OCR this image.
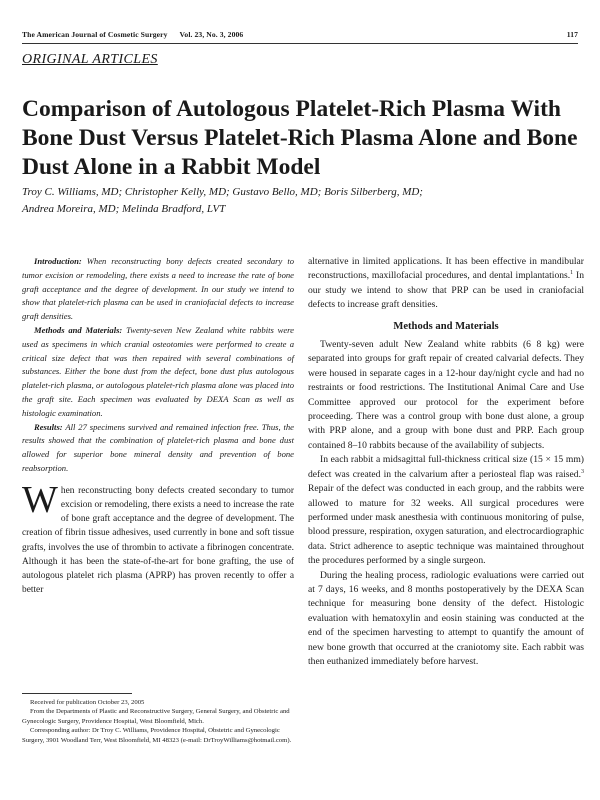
The American Journal of Cosmetic Surgery Vol. 23, No. 3, 2006	117
ORIGINAL ARTICLES
Comparison of Autologous Platelet-Rich Plasma With Bone Dust Versus Platelet-Rich Plasma Alone and Bone Dust Alone in a Rabbit Model
Troy C. Williams, MD; Christopher Kelly, MD; Gustavo Bello, MD; Boris Silberberg, MD;
Andrea Moreira, MD; Melinda Bradford, LVT

Introduction: When reconstructing bony defects created secondary to tumor excision or remodeling, there exists a need to increase the rate of bone graft acceptance and the degree of development. In our study we intend to show that platelet-rich plasma can be used in craniofacial defects to increase graft densities.

Methods and Materials: Twenty-seven New Zealand white rabbits were used as specimens in which cranial osteotomies were performed to create a critical size defect that was then repaired with several combinations of substances. Either the bone dust from the defect, bone dust plus autologous platelet-rich plasma, or autologous platelet-rich plasma alone was placed into the graft site. Each specimen was evaluated by DEXA Scan as well as histologic examination.

Results: All 27 specimens survived and remained infection free. Thus, the results showed that the combination of platelet-rich plasma and bone dust allowed for superior bone mineral density and prevention of bone reabsorption.

When reconstructing bony defects created secondary to tumor excision or remodeling, there exists a need to increase the rate of bone graft acceptance and the degree of development. The creation of fibrin tissue adhesives, used currently in bone and soft tissue grafts, involves the use of thrombin to activate a fibrinogen concentrate. Although it has been the state-of-the-art for bone grafting, the use of autologous platelet rich plasma (APRP) has proven recently to offer a better

Received for publication October 23, 2005

From the Departments of Plastic and Reconstructive Surgery, General Surgery, and Obstetric and Gynecologic Surgery, Providence Hospital, West Bloomfield, Mich.

Corresponding author: Dr Troy C. Williams, Providence Hospital, Obstetric and Gynecologic Surgery, 3901 Woodland Terr, West Bloomfield, MI 48323 (e-mail: DrTroyWilliams@hotmail.com).

alternative in limited applications. It has been effective in mandibular reconstructions, maxillofacial procedures, and dental implantations.$^1$ In our study we intend to show that PRP can be used in craniofacial defects to increase graft densities.

Methods and Materials

Twenty-seven adult New Zealand white rabbits (6 8 kg) were separated into groups for graft repair of created calvarial defects. They were housed in separate cages in a 12-hour day/night cycle and had no restraints or food restrictions. The Institutional Animal Care and Use Committee approved our protocol for the experiment before proceeding. There was a control group with bone dust alone, a group with PRP alone, and a group with bone dust and PRP. Each group contained 8–10 rabbits because of the availability of subjects.

In each rabbit a midsagittal full-thickness critical size (15 × 15 mm) defect was created in the calvarium after a periosteal flap was raised.$^3$ Repair of the defect was conducted in each group, and the rabbits were allowed to mature for 32 weeks. All surgical procedures were performed under mask anesthesia with continuous monitoring of pulse, blood pressure, respiration, oxygen saturation, and electrocardiographic data. Strict adherence to aseptic technique was maintained throughout the procedures performed by a single surgeon.

During the healing process, radiologic evaluations were carried out at 7 days, 16 weeks, and 8 months postoperatively by the DEXA Scan technique for measuring bone density of the defect. Histologic evaluation with hematoxylin and eosin staining was conducted at the end of the specimen harvesting to attempt to quantify the amount of new bone growth that occurred at the craniotomy site. Each rabbit was then euthanized immediately before harvest.
